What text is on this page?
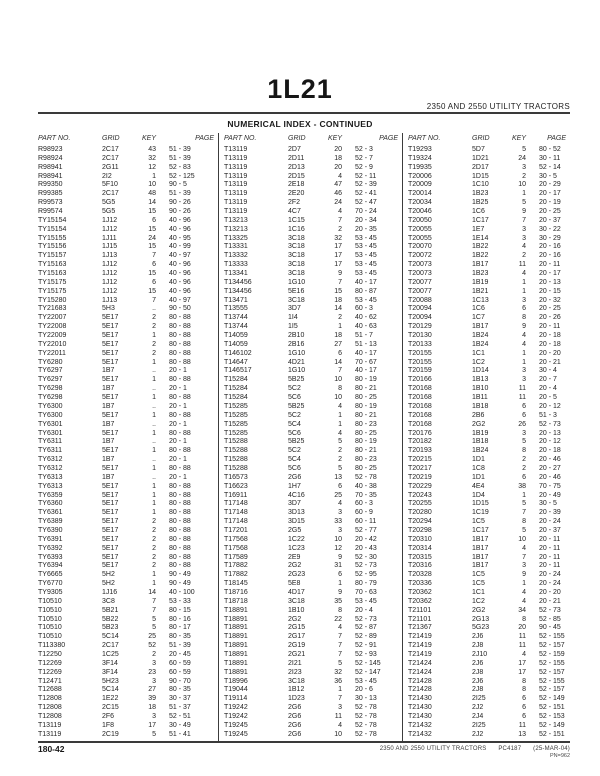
1L21
2350 AND 2550 UTILITY TRACTORS
NUMERICAL INDEX - CONTINUED
PART NO.	GRID	KEY	PAGE
R98923	2C17	43	51 - 39
R98924	2C17	32	51 - 39
R98941	2G11	12	52 - 83
R98941	2I2	1	52 - 125
R99350	5F10	10	90 - 5
R99385	2C17	48	51 - 39
R99573	5G5	14	90 - 26
R99574	5G5	15	90 - 26
TY15154	1J12	6	40 - 96
TY15154	1J12	15	40 - 96
TY15155	1J11	24	40 - 95
TY15156	1J15	15	40 - 99
TY15157	1J13	7	40 - 97
TY15163	1J12	6	40 - 96
TY15163	1J12	15	40 - 96
TY15175	1J12	6	40 - 96
TY15175	1J12	15	40 - 96
TY15280	1J13	7	40 - 97
TY21683	5H3	..	90 - 50
TY22007	5E17	2	80 - 88
TY22008	5E17	2	80 - 88
TY22009	5E17	1	80 - 88
TY22010	5E17	2	80 - 88
TY22011	5E17	2	80 - 88
TY6280	5E17	1	80 - 88
TY6297	1B7	..	20 - 1
TY6297	5E17	1	80 - 88
TY6298	1B7	..	20 - 1
TY6298	5E17	1	80 - 88
TY6300	1B7	..	20 - 1
TY6300	5E17	1	80 - 88
TY6301	1B7	..	20 - 1
TY6301	5E17	1	80 - 88
TY6311	1B7	..	20 - 1
TY6311	5E17	1	80 - 88
TY6312	1B7	..	20 - 1
TY6312	5E17	1	80 - 88
TY6313	1B7	..	20 - 1
TY6313	5E17	1	80 - 88
TY6359	5E17	1	80 - 88
TY6360	5E17	1	80 - 88
TY6361	5E17	1	80 - 88
TY6389	5E17	2	80 - 88
TY6390	5E17	2	80 - 88
TY6391	5E17	2	80 - 88
TY6392	5E17	2	80 - 88
TY6393	5E17	2	80 - 88
TY6394	5E17	2	80 - 88
TY6665	5H2	1	90 - 49
TY6770	5H2	1	90 - 49
TY9305	1J16	14	40 - 100
T10510	3C8	7	53 - 33
T10510	5B21	7	80 - 15
T10510	5B22	5	80 - 16
T10510	5B23	5	80 - 17
T10510	5C14	25	80 - 35
T113380	2C17	52	51 - 39
T12250	1C25	2	20 - 45
T12269	3F14	3	60 - 59
T12269	3F14	23	60 - 59
T12471	5H23	3	90 - 70
T12688	5C14	27	80 - 35
T12808	1E22	39	30 - 37
T12808	2C15	18	51 - 37
T12808	2F6	3	52 - 51
T13119	1F8	17	30 - 49
T13119	2C19	5	51 - 41
PART NO.	GRID	KEY	PAGE
T13119	2D7	20	52 - 3
T13119	2D11	18	52 - 7
T13119	2D13	20	52 - 9
T13119	2D15	4	52 - 11
T13119	2E18	47	52 - 39
T13119	2E20	46	52 - 41
T13119	2F2	24	52 - 47
T13119	4C7	4	70 - 24
T13213	1C15	7	20 - 34
T13213	1C16	2	20 - 35
T13325	3C18	32	53 - 45
T13331	3C18	17	53 - 45
T13332	3C18	17	53 - 45
T13333	3C18	17	53 - 45
T13341	3C18	9	53 - 45
T134456	1G10	7	40 - 17
T134456	5E16	15	80 - 87
T13471	3C18	18	53 - 45
T13555	3D7	14	60 - 3
T13744	1I4	2	40 - 62
T13744	1I5	1	40 - 63
T14059	2B10	18	51 - 7
T14059	2B16	27	51 - 13
T146102	1G10	6	40 - 17
T14647	4D21	14	70 - 67
T146517	1G10	7	40 - 17
T15284	5B25	10	80 - 19
T15284	5C2	8	80 - 21
T15284	5C6	10	80 - 25
T15285	5B25	4	80 - 19
T15285	5C2	1	80 - 21
T15285	5C4	1	80 - 23
T15285	5C6	4	80 - 25
T15288	5B25	5	80 - 19
T15288	5C2	2	80 - 21
T15288	5C4	2	80 - 23
T15288	5C6	5	80 - 25
T16573	2G6	13	52 - 78
T16623	1H7	6	40 - 38
T16911	4C16	25	70 - 35
T17148	3D7	4	60 - 3
T17148	3D13	3	60 - 9
T17148	3D15	33	60 - 11
T17201	2G5	3	52 - 77
T17568	1C22	10	20 - 42
T17568	1C23	12	20 - 43
T17589	2E9	9	52 - 30
T17882	2G2	31	52 - 73
T17882	2G23	6	52 - 95
T18145	5E8	1	80 - 79
T18716	4D17	9	70 - 63
T18718	3C18	35	53 - 45
T18891	1B10	8	20 - 4
T18891	2G2	22	52 - 73
T18891	2G15	4	52 - 87
T18891	2G17	7	52 - 89
T18891	2G19	7	52 - 91
T18891	2G21	7	52 - 93
T18891	2I21	5	52 - 145
T18891	2I23	32	52 - 147
T18996	3C18	36	53 - 45
T19044	1B12	1	20 - 6
T19114	1D23	7	30 - 13
T19242	2G6	3	52 - 78
T19242	2G6	11	52 - 78
T19245	2G6	4	52 - 78
T19245	2G6	10	52 - 78
PART NO.	GRID	KEY	PAGE
T19293	5D7	5	80 - 52
T19324	1D21	24	30 - 11
T19935	2D17	3	52 - 14
T20006	1D15	2	30 - 5
T20009	1C10	10	20 - 29
T20014	1B23	1	20 - 17
T20034	1B25	5	20 - 19
T20046	1C6	9	20 - 25
T20050	1C17	7	20 - 37
T20055	1E7	3	30 - 22
T20055	1E14	3	30 - 29
T20070	1B22	4	20 - 16
T20072	1B22	2	20 - 16
T20073	1B17	11	20 - 11
T20073	1B23	4	20 - 17
T20077	1B19	1	20 - 13
T20077	1B21	1	20 - 15
T20088	1C13	3	20 - 32
T20094	1C6	6	20 - 25
T20094	1C7	8	20 - 26
T20129	1B17	9	20 - 11
T20130	1B24	4	20 - 18
T20133	1B24	4	20 - 18
T20155	1C1	1	20 - 20
T20155	1C2	1	20 - 21
T20159	1D14	3	30 - 4
T20166	1B13	3	20 - 7
T20168	1B10	11	20 - 4
T20168	1B11	11	20 - 5
T20168	1B18	6	20 - 12
T20168	2B6	6	51 - 3
T20168	2G2	26	52 - 73
T20176	1B19	3	20 - 13
T20182	1B18	5	20 - 12
T20193	1B24	8	20 - 18
T20215	1D1	2	20 - 46
T20217	1C8	2	20 - 27
T20219	1D1	6	20 - 46
T20229	4E4	38	70 - 75
T20243	1D4	1	20 - 49
T20255	1D15	5	30 - 5
T20280	1C19	7	20 - 39
T20294	1C5	8	20 - 24
T20298	1C17	5	20 - 37
T20310	1B17	10	20 - 11
T20314	1B17	4	20 - 11
T20315	1B17	7	20 - 11
T20316	1B17	3	20 - 11
T20328	1C5	9	20 - 24
T20336	1C5	1	20 - 24
T20362	1C1	4	20 - 20
T20362	1C2	4	20 - 21
T21101	2G2	34	52 - 73
T21101	2G13	8	52 - 85
T21367	5G23	20	90 - 45
T21419	2J6	11	52 - 155
T21419	2J8	11	52 - 157
T21419	2J10	4	52 - 159
T21424	2J6	17	52 - 155
T21424	2J8	17	52 - 157
T21428	2J6	8	52 - 155
T21428	2J8	8	52 - 157
T21430	2I25	6	52 - 149
T21430	2J2	6	52 - 151
T21430	2J4	6	52 - 153
T21432	2I25	11	52 - 149
T21432	2J2	13	52 - 151
180-42	2350 AND 2550 UTILITY TRACTORS PC4187 (25-MAR-04)
PN=962
